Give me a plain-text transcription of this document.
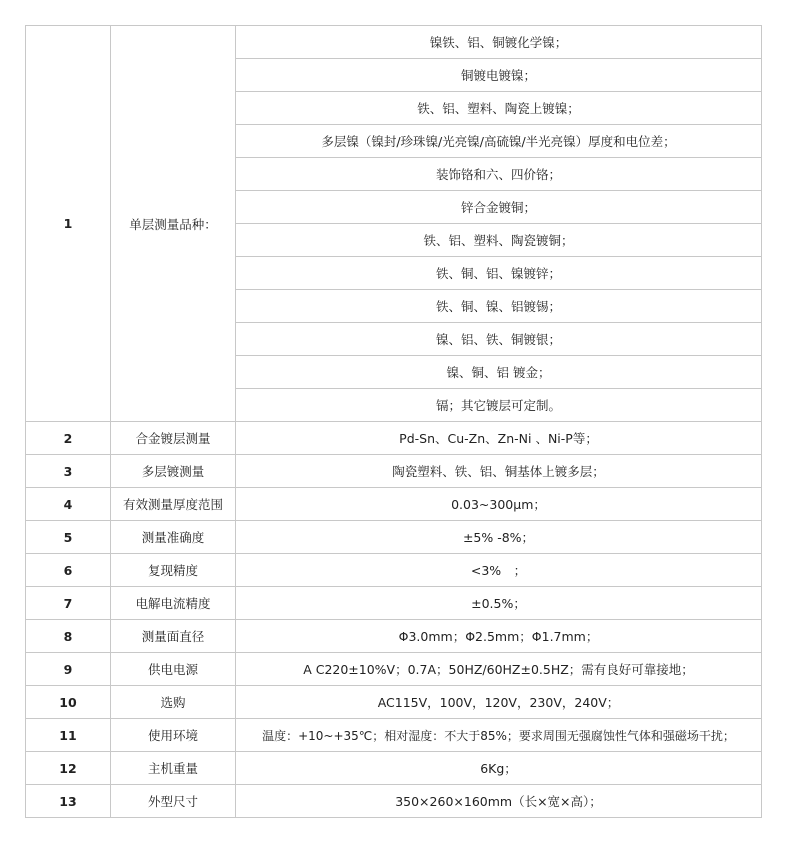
1	单层测量品种：	镍铁、铝、铜镀化学镍；
		铜镀电镀镍；
		铁、铝、塑料、陶瓷上镀镍；
		多层镍（镍封/珍珠镍/光亮镍/高硫镍/半光亮镍）厚度和电位差；
		装饰铬和六、四价铬；
		锌合金镀铜；
		铁、铝、塑料、陶瓷镀铜；
		铁、铜、铝、镍镀锌；
		铁、铜、镍、铝镀锡；
		镍、铝、铁、铜镀银；
		镍、铜、铝 镀金；
		镉；其它镀层可定制。
2	合金镀层测量	Pd-Sn、Cu-Zn、Zn-Ni 、Ni-P等；
3	多层镀测量	陶瓷塑料、铁、铝、铜基体上镀多层；
4	有效测量厚度范围	0.03~300μm；
5	测量准确度	±5% -8%；
6	复现精度	<3%　；
7	电解电流精度	±0.5%；
8	测量面直径	Φ3.0mm；Φ2.5mm；Φ1.7mm；
9	供电电源	A C220±10%V；0.7A；50HZ/60HZ±0.5HZ；需有良好可靠接地；
10	选购	AC115V，100V，120V，230V，240V；
11	使用环境	温度：+10~+35℃；相对湿度：不大于85%；要求周围无强腐蚀性气体和强磁场干扰；
12	主机重量	6Kg；
13	外型尺寸	350×260×160mm（长×宽×高）；
